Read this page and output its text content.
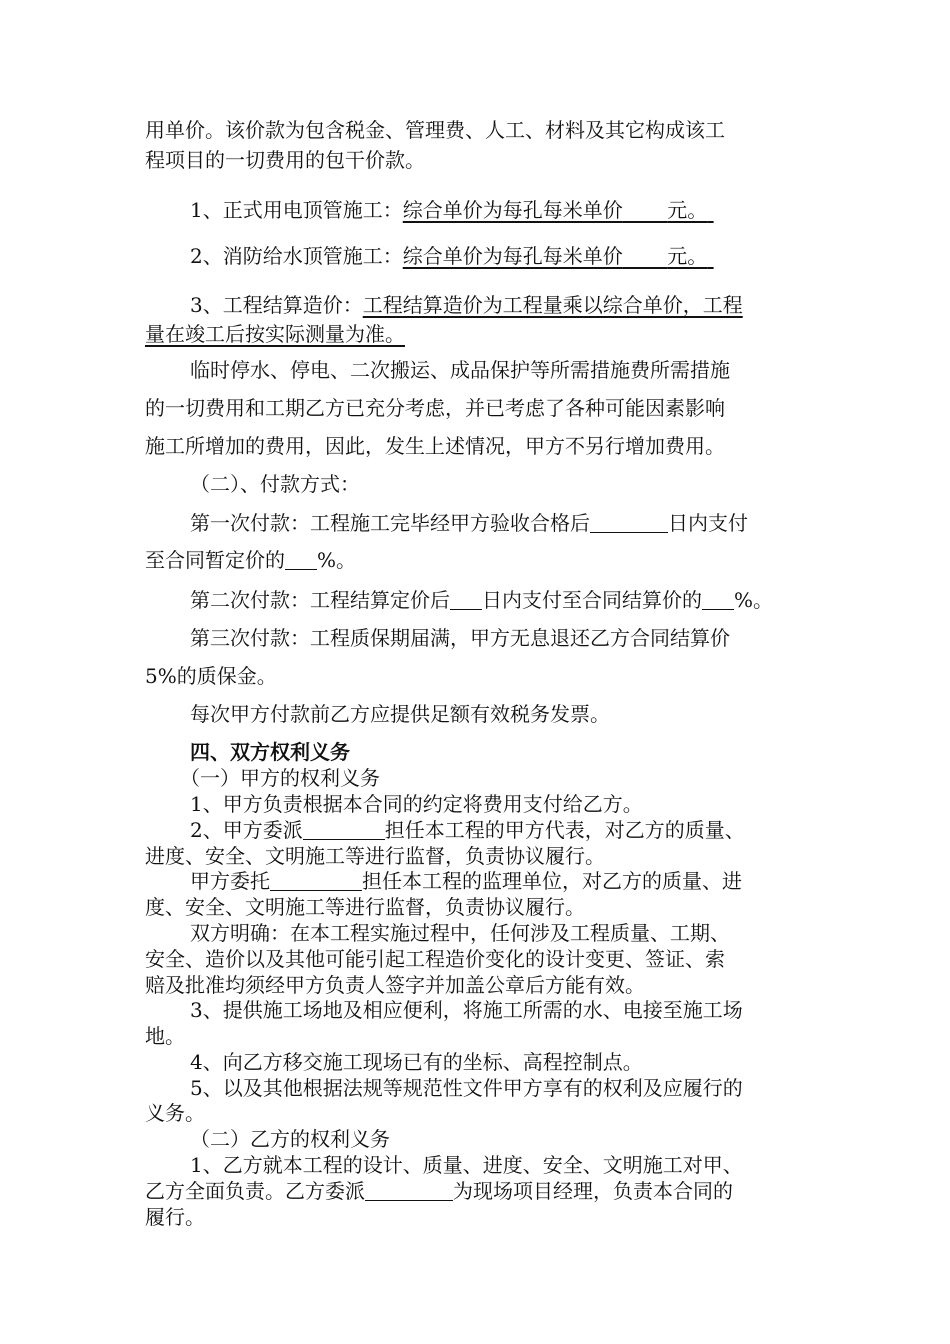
用单价。该价款为包含税金、管理费、人工、材料及其它构成该工
程项目的一切费用的包干价款。
1、正式用电顶管施工：综合单价为每孔每米单价 元。
2、消防给水顶管施工：综合单价为每孔每米单价 元。
3、工程结算造价：工程结算造价为工程量乘以综合单价，工程
量在竣工后按实际测量为准。
临时停水、停电、二次搬运、成品保护等所需措施费所需措施
的一切费用和工期乙方已充分考虑，并已考虑了各种可能因素影响
施工所增加的费用，因此，发生上述情况，甲方不另行增加费用。
（二）、付款方式：
第一次付款：工程施工完毕经甲方验收合格后	日内支付
至合同暂定价的 %。
第二次付款：工程结算定价后 日内支付至合同结算价的 %。
第三次付款：工程质保期届满，甲方无息退还乙方合同结算价
5%的质保金。
每次甲方付款前乙方应提供足额有效税务发票。
四、双方权利义务
（一）甲方的权利义务
1、甲方负责根据本合同的约定将费用支付给乙方。
2、甲方委派	担任本工程的甲方代表，对乙方的质量、
进度、安全、文明施工等进行监督，负责协议履行。
甲方委托	担任本工程的监理单位，对乙方的质量、进
度、安全、文明施工等进行监督，负责协议履行。
双方明确：在本工程实施过程中，任何涉及工程质量、工期、
安全、造价以及其他可能引起工程造价变化的设计变更、签证、索
赔及批准均须经甲方负责人签字并加盖公章后方能有效。
3、提供施工场地及相应便利，将施工所需的水、电接至施工场
地。
4、向乙方移交施工现场已有的坐标、高程控制点。
5、以及其他根据法规等规范性文件甲方享有的权利及应履行的
义务。
（二）乙方的权利义务
1、乙方就本工程的设计、质量、进度、安全、文明施工对甲、
乙方全面负责。乙方委派	为现场项目经理，负责本合同的
履行。
